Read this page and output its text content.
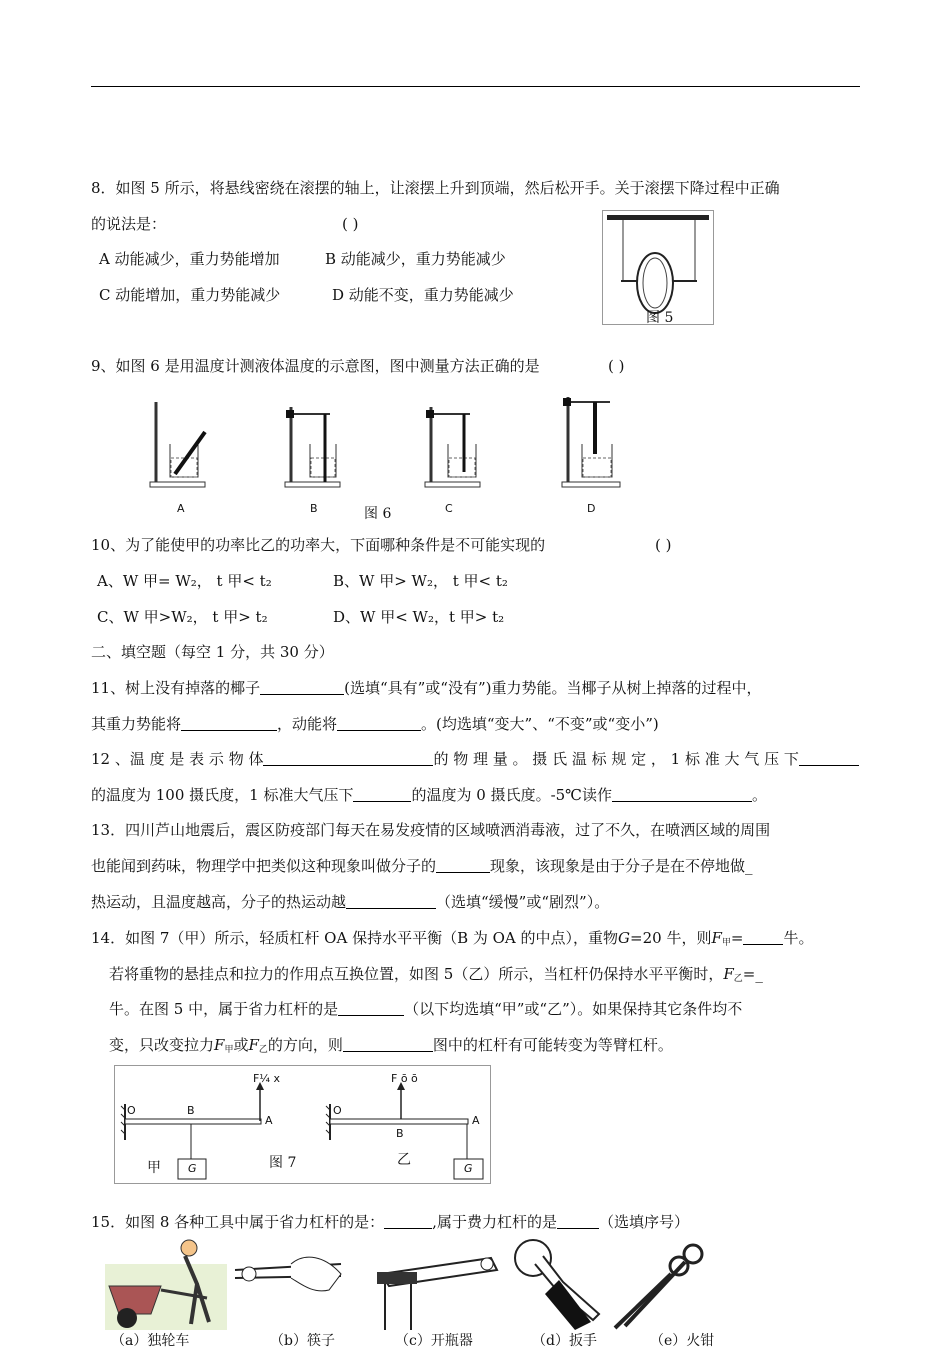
8．如图 5 所示，将悬线密绕在滚摆的轴上，让滚摆上升到顶端，然后松开手。关于滚摆下降过程中正确
的说法是：	( )
A 动能减少，重力势能增加	B 动能减少，重力势能减少
C 动能增加，重力势能减少	D 动能不变，重力势能减少
图 5
9、如图 6 是用温度计测液体温度的示意图，图中测量方法正确的是	( )
A	B	C	D
图 6
10、为了能使甲的功率比乙的功率大，下面哪种条件是不可能实现的	( )
A、W 甲= W₂， t 甲< t₂	B、W 甲> W₂， t 甲< t₂
C、W 甲>W₂， t 甲> t₂	D、W 甲< W₂，t 甲> t₂
二、填空题（每空 1 分，共 30 分）
11、树上没有掉落的椰子	(选填“具有”或“没有”)重力势能。当椰子从树上掉落的过程中，
其重力势能将	，动能将	。(均选填“变大”、“不变”或“变小”)
12 、温 度 是 表 示 物 体	的 物 理 量 。 摄 氏 温 标 规 定 ， 1 标 准 大 气 压 下
的温度为 100 摄氏度，1 标准大气压下	的温度为 0 摄氏度。-5℃读作	。
13．四川芦山地震后，震区防疫部门每天在易发疫情的区域喷洒消毒液，过了不久，在喷洒区域的周围
也能闻到药味，物理学中把类似这种现象叫做分子的	现象，该现象是由于分子是在不停地做_
热运动，且温度越高，分子的热运动越	（选填“缓慢”或“剧烈”）。
14．如图 7（甲）所示，轻质杠杆 OA 保持水平平衡（B 为 OA 的中点），重物G=20 牛，则$F_甲=$	牛。
若将重物的悬挂点和拉力的作用点互换位置，如图 5（乙）所示，当杠杆仍保持水平平衡时，$F_乙=\_$
牛。在图 5 中，属于省力杠杆的是	（以下均选填“甲”或“乙”）。如果保持其它条件均不
变，只改变拉力$F_甲$或$F_乙$的方向，则	图中的杠杆有可能转变为等臂杠杆。
F¼ x	F ō ō
O	B
A
O
B
A
G	G
甲	乙
图 7
15．如图 8 各种工具中属于省力杠杆的是：	,属于费力杠杆的是	（选填序号）
（a）独轮车	（b）筷子	（c）开瓶器	（d）扳手	（e）火钳
